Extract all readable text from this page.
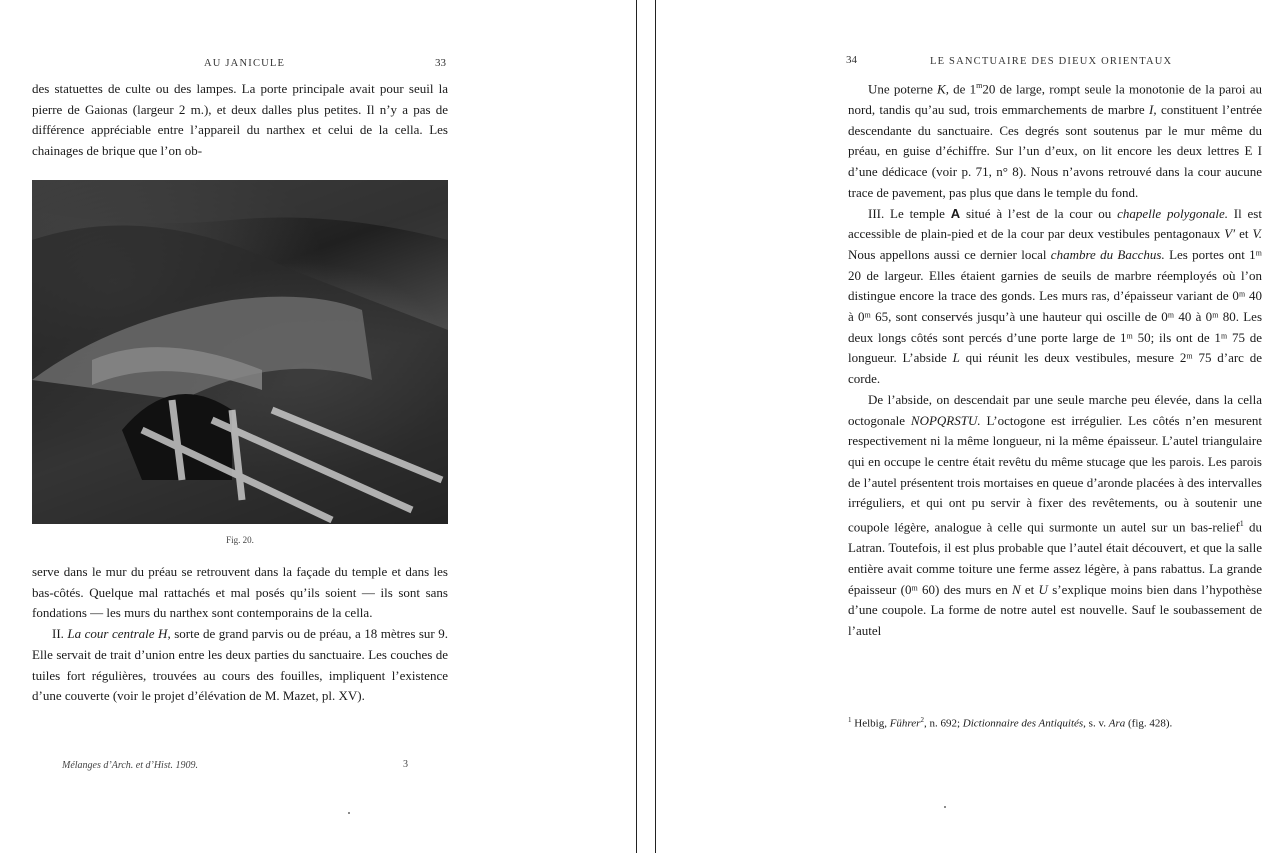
AU JANICULE	33

des statuettes de culte ou des lampes. La porte principale avait pour seuil la pierre de Gaionas (largeur 2 m.), et deux dalles plus petites. Il n’y a pas de différence appréciable entre l’appareil du narthex et celui de la cella. Les chainages de brique que l’on ob-

Fig. 20.

serve dans le mur du préau se retrouvent dans la façade du temple et dans les bas-côtés. Quelque mal rattachés et mal posés qu’ils soient — ils sont sans fondations — les murs du narthex sont contemporains de la cella.

II. La cour centrale H, sorte de grand parvis ou de préau, a 18 mètres sur 9. Elle servait de trait d’union entre les deux parties du sanctuaire. Les couches de tuiles fort régulières, trouvées au cours des fouilles, impliquent l’existence d’une couverte (voir le projet d’élévation de M. Mazet, pl. XV).

Mélanges d’Arch. et d’Hist. 1909.	3
34	LE SANCTUAIRE DES DIEUX ORIENTAUX

Une poterne K, de 1$^m$20 de large, rompt seule la monotonie de la paroi au nord, tandis qu’au sud, trois emmarchements de marbre I, constituent l’entrée descendante du sanctuaire. Ces degrés sont soutenus par le mur même du préau, en guise d’échiffre. Sur l’un d’eux, on lit encore les deux lettres E I d’une dédicace (voir p. 71, n° 8). Nous n’avons retrouvé dans la cour aucune trace de pavement, pas plus que dans le temple du fond.

III. Le temple A situé à l’est de la cour ou chapelle polygonale. Il est accessible de plain-pied et de la cour par deux vestibules pentagonaux V′ et V. Nous appellons aussi ce dernier local chambre du Bacchus. Les portes ont 1ᵐ 20 de largeur. Elles étaient garnies de seuils de marbre réemployés où l’on distingue encore la trace des gonds. Les murs ras, d’épaisseur variant de 0ᵐ 40 à 0ᵐ 65, sont conservés jusqu’à une hauteur qui oscille de 0ᵐ 40 à 0ᵐ 80. Les deux longs côtés sont percés d’une porte large de 1ᵐ 50; ils ont de 1ᵐ 75 de longueur. L’abside L qui réunit les deux vestibules, mesure 2ᵐ 75 d’arc de corde.

De l’abside, on descendait par une seule marche peu élevée, dans la cella octogonale NOPQRSTU. L’octogone est irrégulier. Les côtés n’en mesurent respectivement ni la même longueur, ni la même épaisseur. L’autel triangulaire qui en occupe le centre était revêtu du même stucage que les parois. Les parois de l’autel présentent trois mortaises en queue d’aronde placées à des intervalles irréguliers, et qui ont pu servir à fixer des revêtements, ou à soutenir une coupole légère, analogue à celle qui surmonte un autel sur un bas-relief$^1$ du Latran. Toutefois, il est plus probable que l’autel était découvert, et que la salle entière avait comme toiture une ferme assez légère, à pans rabattus. La grande épaisseur (0ᵐ 60) des murs en N et U s’explique moins bien dans l’hypothèse d’une coupole. La forme de notre autel est nouvelle. Sauf le soubassement de l’autel

$^1$ Helbig, Führer$^2$, n. 692; Dictionnaire des Antiquités, s. v. Ara (fig. 428).
